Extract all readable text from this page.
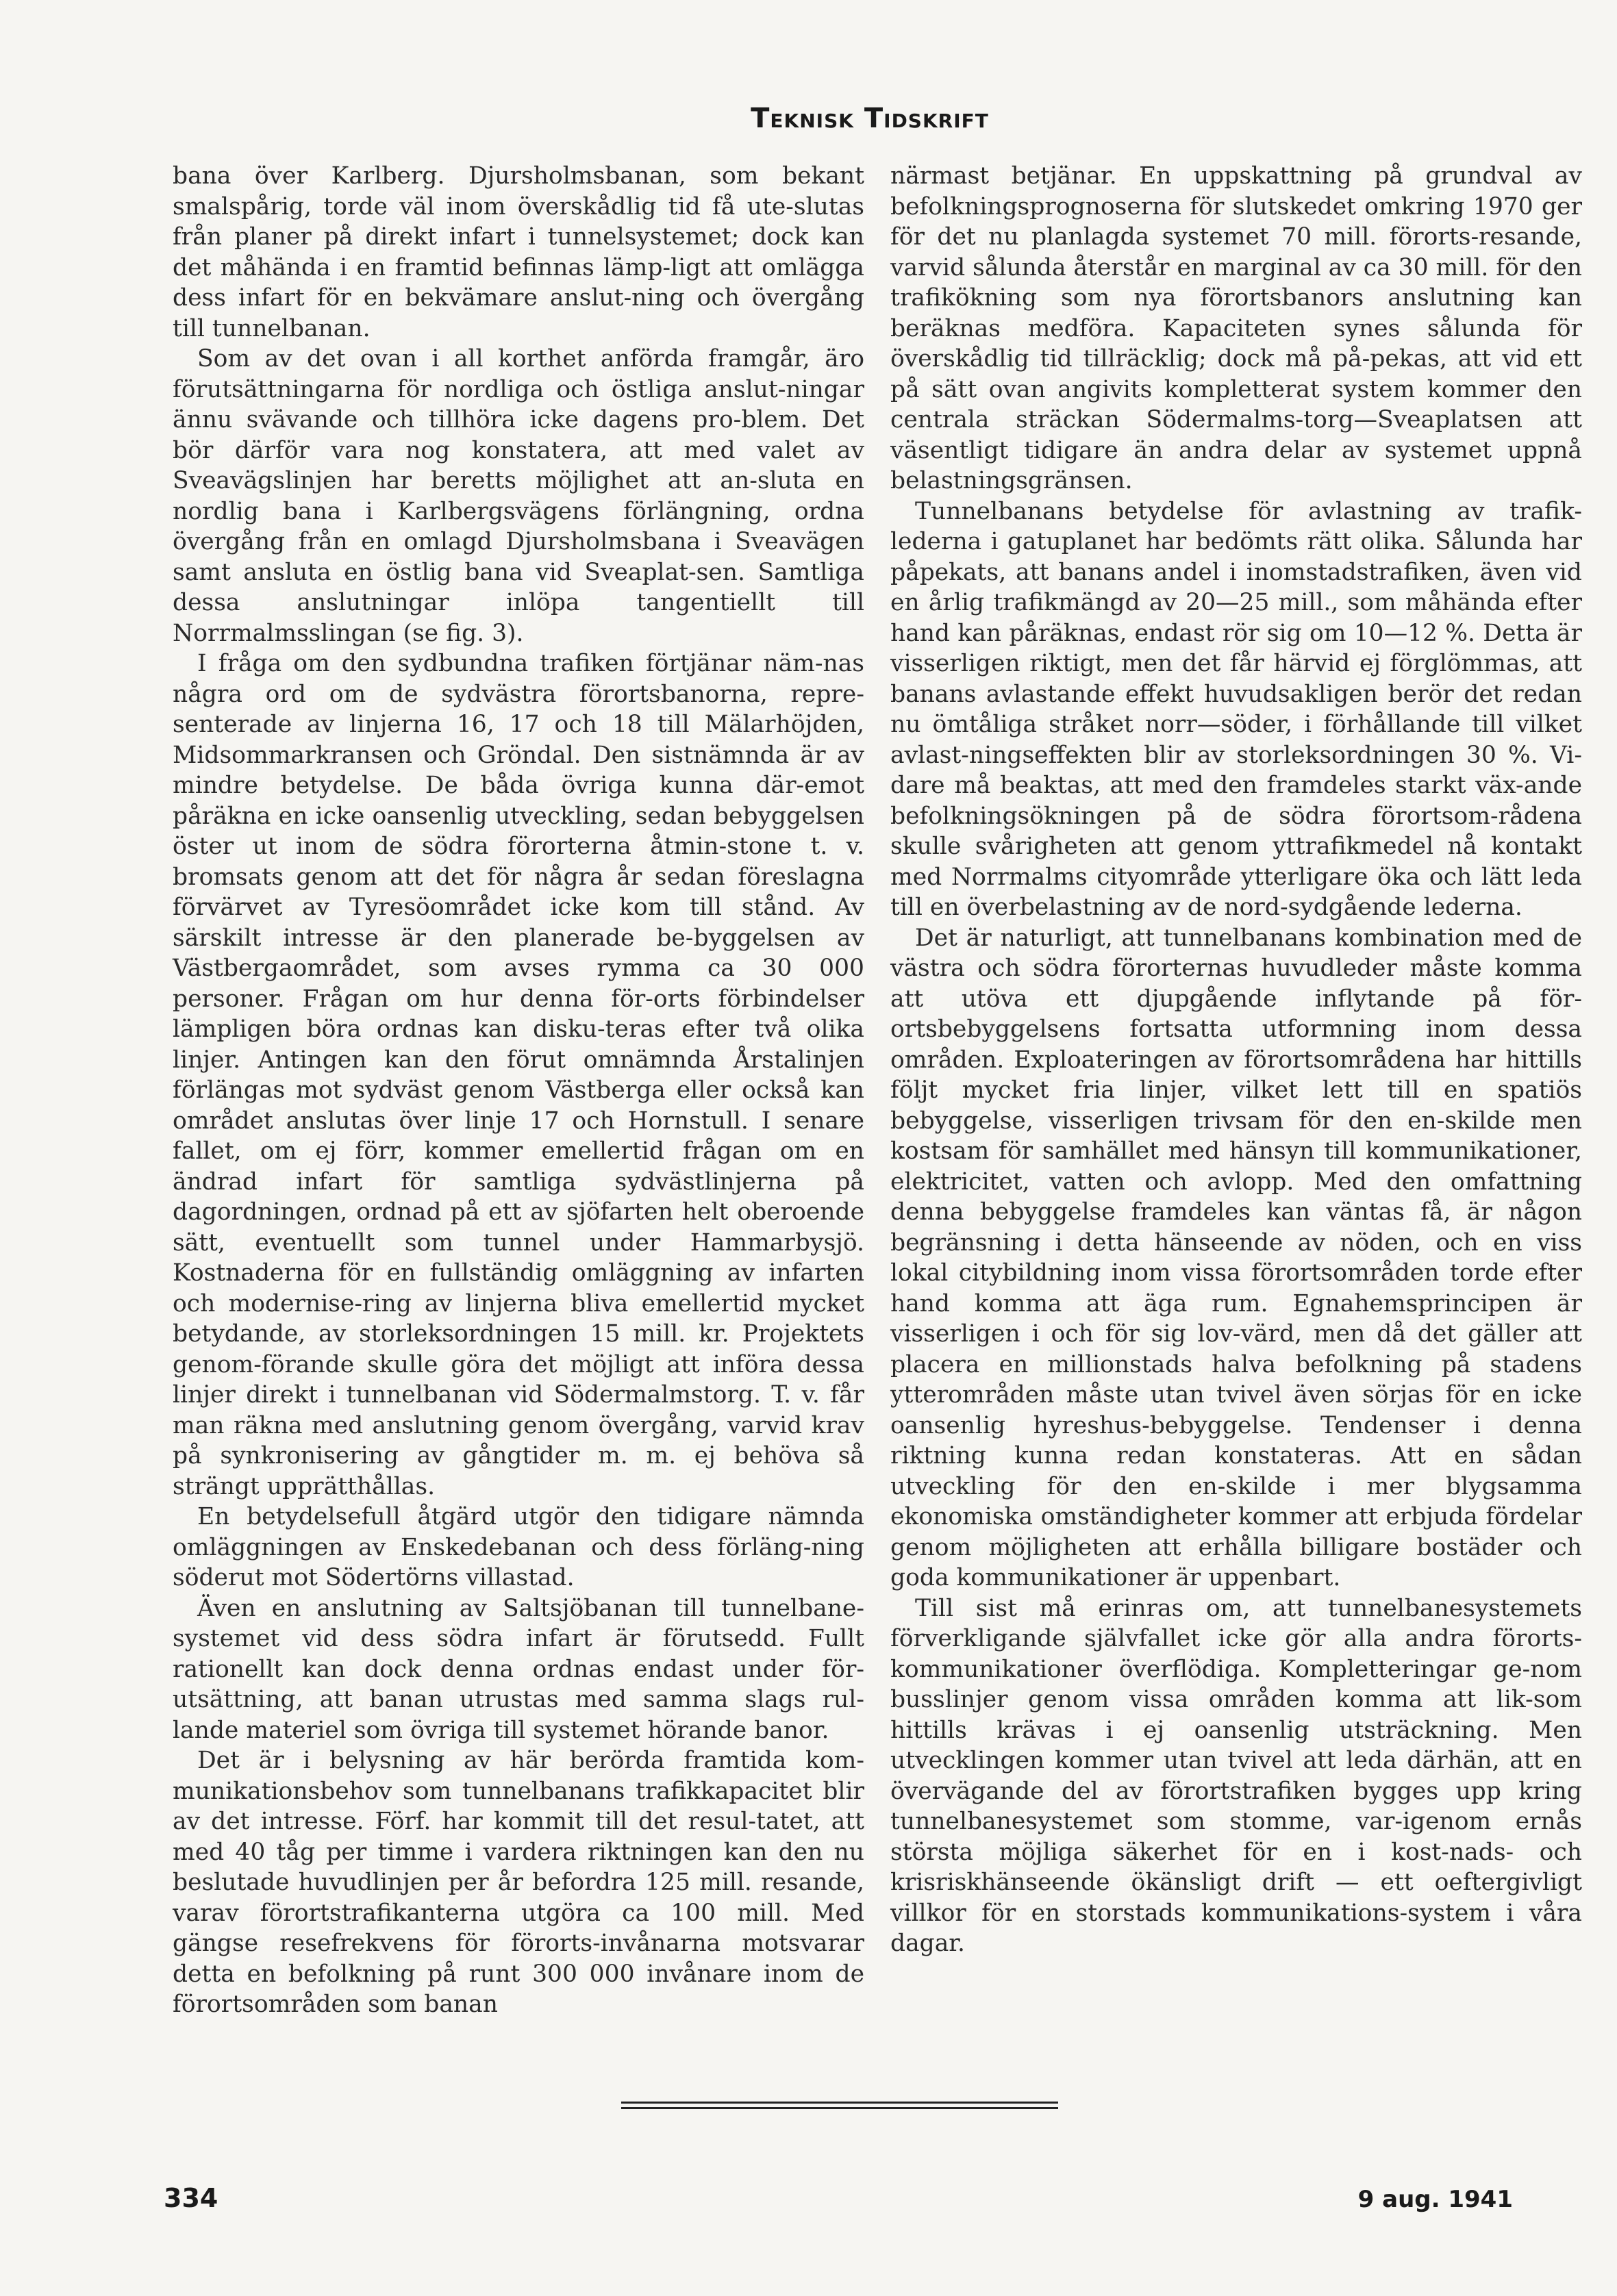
Teknisk Tidskrift

bana över Karlberg. Djursholmsbanan, som bekant smalspårig, torde väl inom överskådlig tid få ute-slutas från planer på direkt infart i tunnelsystemet; dock kan det måhända i en framtid befinnas lämp-ligt att omlägga dess infart för en bekvämare anslut-ning och övergång till tunnelbanan.

Som av det ovan i all korthet anförda framgår, äro förutsättningarna för nordliga och östliga anslut-ningar ännu svävande och tillhöra icke dagens pro-blem. Det bör därför vara nog konstatera, att med valet av Sveavägslinjen har beretts möjlighet att an-sluta en nordlig bana i Karlbergsvägens förlängning, ordna övergång från en omlagd Djursholmsbana i Sveavägen samt ansluta en östlig bana vid Sveaplat-sen. Samtliga dessa anslutningar inlöpa tangentiellt till Norrmalmsslingan (se fig. 3).

I fråga om den sydbundna trafiken förtjänar näm-nas några ord om de sydvästra förortsbanorna, repre-senterade av linjerna 16, 17 och 18 till Mälarhöjden, Midsommarkransen och Gröndal. Den sistnämnda är av mindre betydelse. De båda övriga kunna där-emot påräkna en icke oansenlig utveckling, sedan bebyggelsen öster ut inom de södra förorterna åtmin-stone t. v. bromsats genom att det för några år sedan föreslagna förvärvet av Tyresöområdet icke kom till stånd. Av särskilt intresse är den planerade be-byggelsen av Västbergaområdet, som avses rymma ca 30 000 personer. Frågan om hur denna för-orts förbindelser lämpligen böra ordnas kan disku-teras efter två olika linjer. Antingen kan den förut omnämnda Årstalinjen förlängas mot sydväst genom Västberga eller också kan området anslutas över linje 17 och Hornstull. I senare fallet, om ej förr, kommer emellertid frågan om en ändrad infart för samtliga sydvästlinjerna på dagordningen, ordnad på ett av sjöfarten helt oberoende sätt, eventuellt som tunnel under Hammarbysjö. Kostnaderna för en fullständig omläggning av infarten och modernise-ring av linjerna bliva emellertid mycket betydande, av storleksordningen 15 mill. kr. Projektets genom-förande skulle göra det möjligt att införa dessa linjer direkt i tunnelbanan vid Södermalmstorg. T. v. får man räkna med anslutning genom övergång, varvid krav på synkronisering av gångtider m. m. ej behöva så strängt upprätthållas.

En betydelsefull åtgärd utgör den tidigare nämnda omläggningen av Enskedebanan och dess förläng-ning söderut mot Södertörns villastad.

Även en anslutning av Saltsjöbanan till tunnelbane-systemet vid dess södra infart är förutsedd. Fullt rationellt kan dock denna ordnas endast under för-utsättning, att banan utrustas med samma slags rul-lande materiel som övriga till systemet hörande banor.

Det är i belysning av här berörda framtida kom-munikationsbehov som tunnelbanans trafikkapacitet blir av det intresse. Förf. har kommit till det resul-tatet, att med 40 tåg per timme i vardera riktningen kan den nu beslutade huvudlinjen per år befordra 125 mill. resande, varav förortstrafikanterna utgöra ca 100 mill. Med gängse resefrekvens för förorts-invånarna motsvarar detta en befolkning på runt 300 000 invånare inom de förortsområden som banan

närmast betjänar. En uppskattning på grundval av befolkningsprognoserna för slutskedet omkring 1970 ger för det nu planlagda systemet 70 mill. förorts-resande, varvid sålunda återstår en marginal av ca 30 mill. för den trafikökning som nya förortsbanors anslutning kan beräknas medföra. Kapaciteten synes sålunda för överskådlig tid tillräcklig; dock må på-pekas, att vid ett på sätt ovan angivits kompletterat system kommer den centrala sträckan Södermalms-torg—Sveaplatsen att väsentligt tidigare än andra delar av systemet uppnå belastningsgränsen.

Tunnelbanans betydelse för avlastning av trafik-lederna i gatuplanet har bedömts rätt olika. Sålunda har påpekats, att banans andel i inomstadstrafiken, även vid en årlig trafikmängd av 20—25 mill., som måhända efter hand kan påräknas, endast rör sig om 10—12 %. Detta är visserligen riktigt, men det får härvid ej förglömmas, att banans avlastande effekt huvudsakligen berör det redan nu ömtåliga stråket norr—söder, i förhållande till vilket avlast-ningseffekten blir av storleksordningen 30 %. Vi-dare må beaktas, att med den framdeles starkt väx-ande befolkningsökningen på de södra förortsom-rådena skulle svårigheten att genom yttrafikmedel nå kontakt med Norrmalms cityområde ytterligare öka och lätt leda till en överbelastning av de nord-sydgående lederna.

Det är naturligt, att tunnelbanans kombination med de västra och södra förorternas huvudleder måste komma att utöva ett djupgående inflytande på för-ortsbebyggelsens fortsatta utformning inom dessa områden. Exploateringen av förortsområdena har hittills följt mycket fria linjer, vilket lett till en spatiös bebyggelse, visserligen trivsam för den en-skilde men kostsam för samhället med hänsyn till kommunikationer, elektricitet, vatten och avlopp. Med den omfattning denna bebyggelse framdeles kan väntas få, är någon begränsning i detta hänseende av nöden, och en viss lokal citybildning inom vissa förortsområden torde efter hand komma att äga rum. Egnahemsprincipen är visserligen i och för sig lov-värd, men då det gäller att placera en millionstads halva befolkning på stadens ytterområden måste utan tvivel även sörjas för en icke oansenlig hyreshus-bebyggelse. Tendenser i denna riktning kunna redan konstateras. Att en sådan utveckling för den en-skilde i mer blygsamma ekonomiska omständigheter kommer att erbjuda fördelar genom möjligheten att erhålla billigare bostäder och goda kommunikationer är uppenbart.

Till sist må erinras om, att tunnelbanesystemets förverkligande självfallet icke gör alla andra förorts-kommunikationer överflödiga. Kompletteringar ge-nom busslinjer genom vissa områden komma att lik-som hittills krävas i ej oansenlig utsträckning. Men utvecklingen kommer utan tvivel att leda därhän, att en övervägande del av förortstrafiken bygges upp kring tunnelbanesystemet som stomme, var-igenom ernås största möjliga säkerhet för en i kost-nads- och krisriskhänseende ökänsligt drift — ett oeftergivligt villkor för en storstads kommunikations-system i våra dagar.

334	9 aug. 1941
